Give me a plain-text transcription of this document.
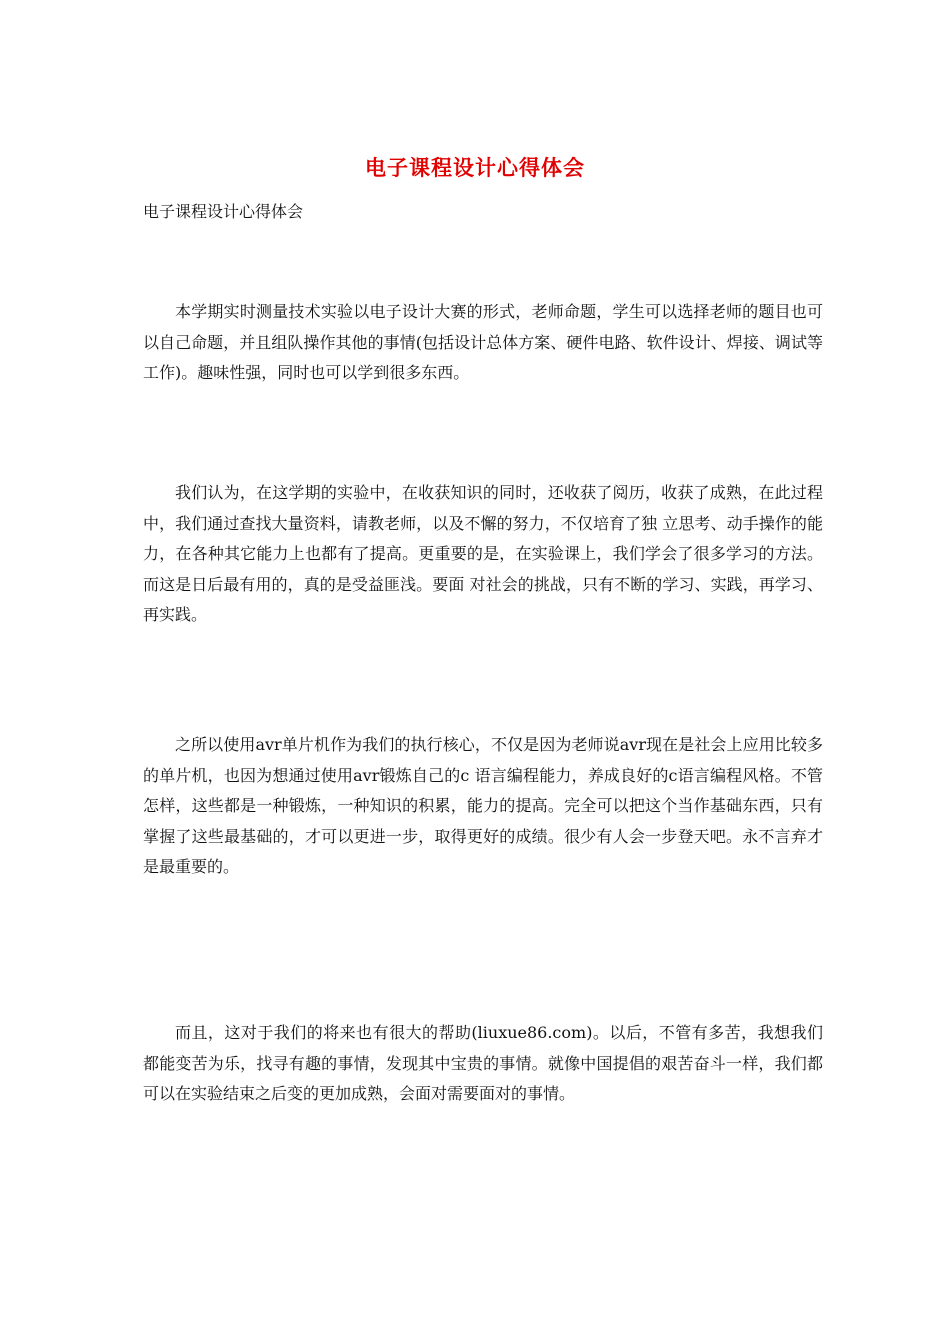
电子课程设计心得体会
电子课程设计心得体会

本学期实时测量技术实验以电子设计大赛的形式，老师命题，学生可以选择老师的题目也可以自己命题，并且组队操作其他的事情(包括设计总体方案、硬件电路、软件设计、焊接、调试等工作)。趣味性强，同时也可以学到很多东西。

我们认为，在这学期的实验中，在收获知识的同时，还收获了阅历，收获了成熟，在此过程中，我们通过查找大量资料，请教老师，以及不懈的努力，不仅培育了独 立思考、动手操作的能力，在各种其它能力上也都有了提高。更重要的是，在实验课上，我们学会了很多学习的方法。而这是日后最有用的，真的是受益匪浅。要面 对社会的挑战，只有不断的学习、实践，再学习、再实践。

之所以使用avr单片机作为我们的执行核心，不仅是因为老师说avr现在是社会上应用比较多的单片机，也因为想通过使用avr锻炼自己的c 语言编程能力，养成良好的c语言编程风格。不管怎样，这些都是一种锻炼，一种知识的积累，能力的提高。完全可以把这个当作基础东西，只有掌握了这些最基础的，才可以更进一步，取得更好的成绩。很少有人会一步登天吧。永不言弃才是最重要的。

而且，这对于我们的将来也有很大的帮助(liuxue86.com)。以后，不管有多苦，我想我们都能变苦为乐，找寻有趣的事情，发现其中宝贵的事情。就像中国提倡的艰苦奋斗一样，我们都可以在实验结束之后变的更加成熟，会面对需要面对的事情。
